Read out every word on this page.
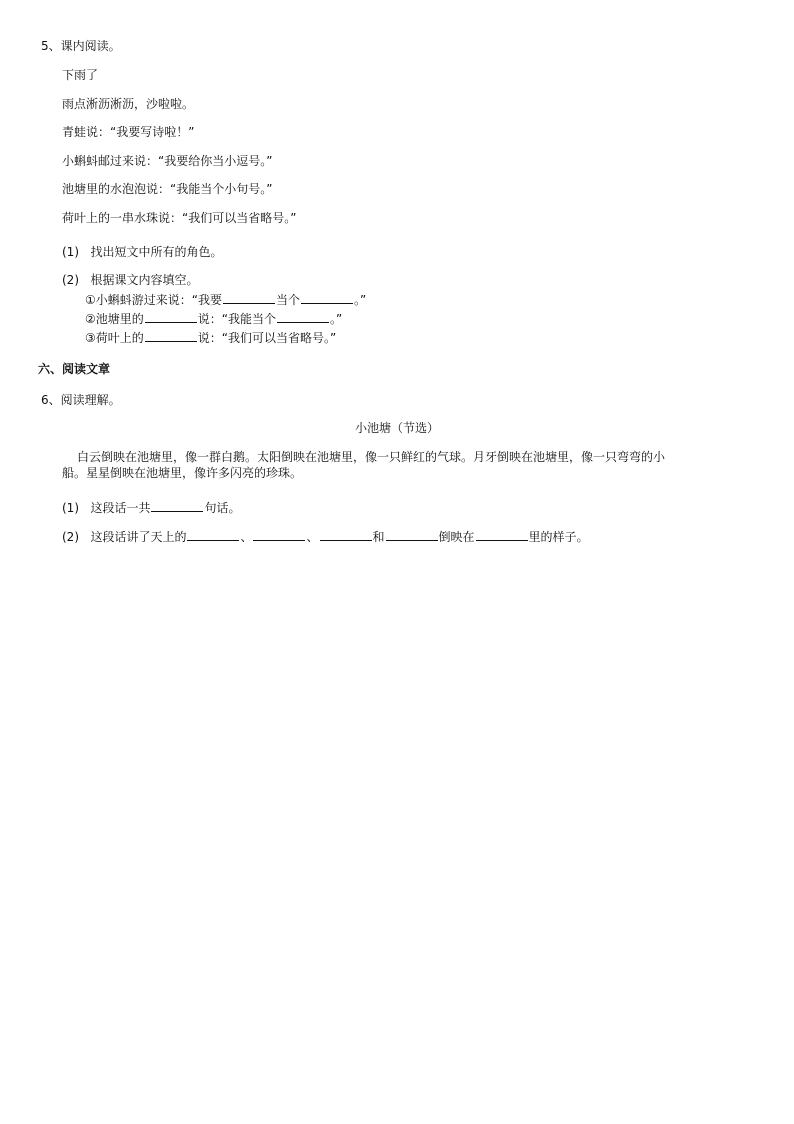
5、课内阅读。
下雨了
雨点淅沥淅沥，沙啦啦。
青蛙说：“我要写诗啦！”
小蝌蚪邮过来说：“我要给你当小逗号。”
池塘里的水泡泡说：“我能当个小句号。”
荷叶上的一串水珠说：“我们可以当省略号。”
(1) 找出短文中所有的角色。
(2) 根据课文内容填空。
①小蝌蚪游过来说：“我要	当个	。”
②池塘里的	说：“我能当个	。”
③荷叶上的	说：“我们可以当省略号。”
六、阅读文章
6、阅读理解。
小池塘（节选）
白云倒映在池塘里，像一群白鹅。太阳倒映在池塘里，像一只鲜红的气球。月牙倒映在池塘里，像一只弯弯的小
船。星星倒映在池塘里，像许多闪亮的珍珠。
(1) 这段话一共	句话。
(2) 这段话讲了天上的	、	、	和	倒映在	里的样子。
